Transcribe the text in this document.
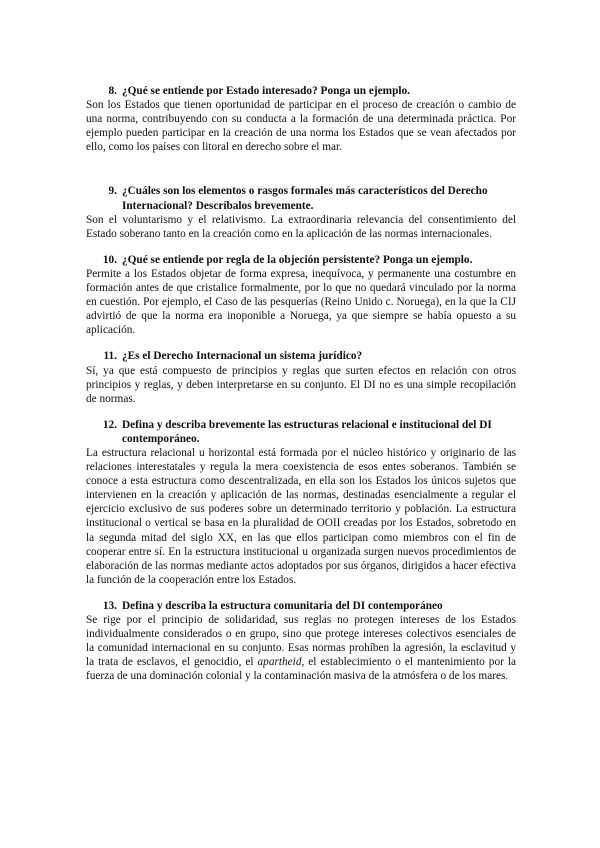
8. ¿Qué se entiende por Estado interesado? Ponga un ejemplo.

Son los Estados que tienen oportunidad de participar en el proceso de creación o cambio de una norma, contribuyendo con su conducta a la formación de una determinada práctica. Por ejemplo pueden participar en la creación de una norma los Estados que se vean afectados por ello, como los países con litoral en derecho sobre el mar.

9. ¿Cuáles son los elementos o rasgos formales más característicos del Derecho Internacional? Descríbalos brevemente.

Son el voluntarismo y el relativismo. La extraordinaria relevancia del consentimiento del Estado soberano tanto en la creación como en la aplicación de las normas internacionales.

10. ¿Qué se entiende por regla de la objeción persistente? Ponga un ejemplo.

Permite a los Estados objetar de forma expresa, inequívoca, y permanente una costumbre en formación antes de que cristalice formalmente, por lo que no quedará vinculado por la norma en cuestión. Por ejemplo, el Caso de las pesquerías (Reino Unido c. Noruega), en la que la CIJ advirtió de que la norma era inoponible a Noruega, ya que siempre se había opuesto a su aplicación.

11. ¿Es el Derecho Internacional un sistema jurídico?

Sí, ya que está compuesto de principios y reglas que surten efectos en relación con otros principios y reglas, y deben interpretarse en su conjunto. El DI no es una simple recopilación de normas.

12. Defina y describa brevemente las estructuras relacional e institucional del DI contemporáneo.

La estructura relacional u horizontal está formada por el núcleo histórico y originario de las relaciones interestatales y regula la mera coexistencia de esos entes soberanos. También se conoce a esta estructura como descentralizada, en ella son los Estados los únicos sujetos que intervienen en la creación y aplicación de las normas, destinadas esencialmente a regular el ejercicio exclusivo de sus poderes sobre un determinado territorio y población. La estructura institucional o vertical se basa en la pluralidad de OOII creadas por los Estados, sobretodo en la segunda mitad del siglo XX, en las que ellos participan como miembros con el fin de cooperar entre sí. En la estructura institucional u organizada surgen nuevos procedimientos de elaboración de las normas mediante actos adoptados por sus órganos, dirigidos a hacer efectiva la función de la cooperación entre los Estados.

13. Defina y describa la estructura comunitaria del DI contemporáneo

Se rige por el principio de solidaridad, sus reglas no protegen intereses de los Estados individualmente considerados o en grupo, sino que protege intereses colectivos esenciales de la comunidad internacional en su conjunto. Esas normas prohíben la agresión, la esclavitud y la trata de esclavos, el genocidio, el apartheid, el establecimiento o el mantenimiento por la fuerza de una dominación colonial y la contaminación masiva de la atmósfera o de los mares.
